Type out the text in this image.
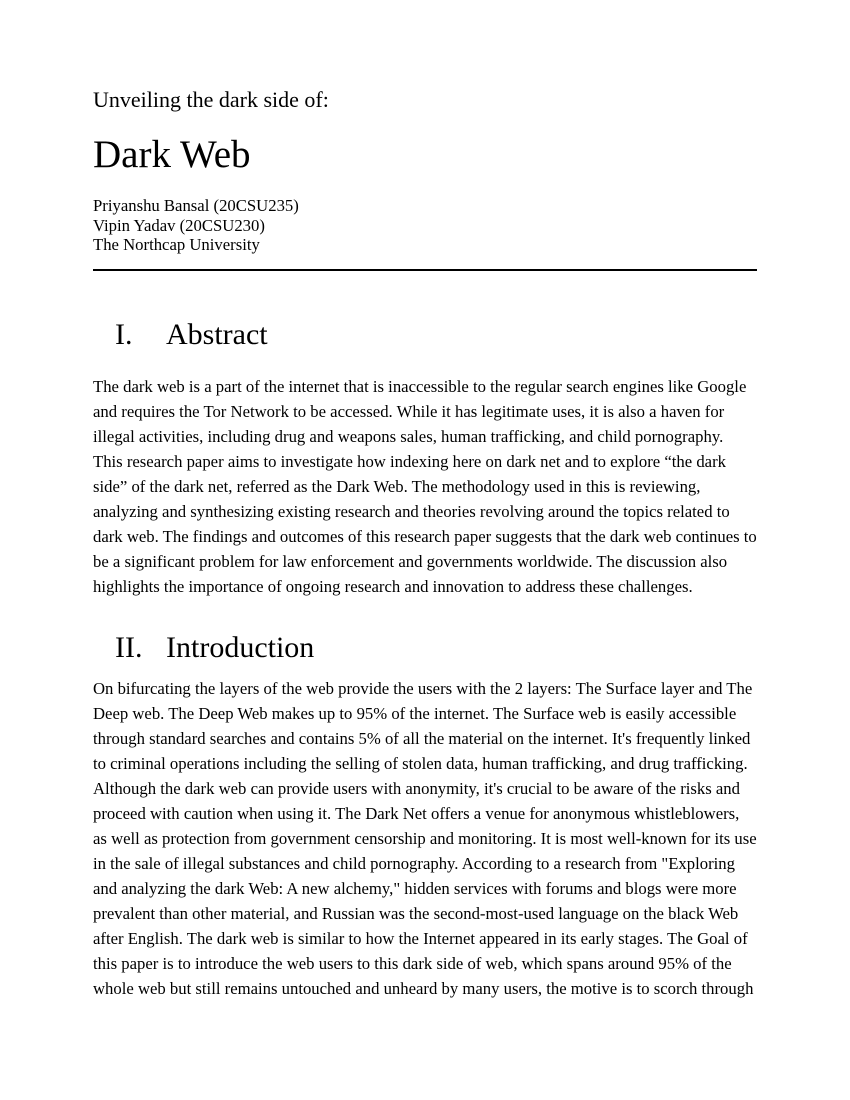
Unveiling the dark side of:
Dark Web
Priyanshu Bansal (20CSU235)
Vipin Yadav (20CSU230)
The Northcap University
I.	Abstract
The dark web is a part of the internet that is inaccessible to the regular search engines like Google
and requires the Tor Network to be accessed. While it has legitimate uses, it is also a haven for
illegal activities, including drug and weapons sales, human trafficking, and child pornography.
This research paper aims to investigate how indexing here on dark net and to explore “the dark
side” of the dark net, referred as the Dark Web. The methodology used in this is reviewing,
analyzing and synthesizing existing research and theories revolving around the topics related to
dark web. The findings and outcomes of this research paper suggests that the dark web continues to
be a significant problem for law enforcement and governments worldwide. The discussion also
highlights the importance of ongoing research and innovation to address these challenges.
II. Introduction
On bifurcating the layers of the web provide the users with the 2 layers: The Surface layer and The
Deep web. The Deep Web makes up to 95% of the internet. The Surface web is easily accessible
through standard searches and contains 5% of all the material on the internet. It's frequently linked
to criminal operations including the selling of stolen data, human trafficking, and drug trafficking.
Although the dark web can provide users with anonymity, it's crucial to be aware of the risks and
proceed with caution when using it. The Dark Net offers a venue for anonymous whistleblowers,
as well as protection from government censorship and monitoring. It is most well-known for its use
in the sale of illegal substances and child pornography. According to a research from "Exploring
and analyzing the dark Web: A new alchemy," hidden services with forums and blogs were more
prevalent than other material, and Russian was the second-most-used language on the black Web
after English. The dark web is similar to how the Internet appeared in its early stages. The Goal of
this paper is to introduce the web users to this dark side of web, which spans around 95% of the
whole web but still remains untouched and unheard by many users, the motive is to scorch through
